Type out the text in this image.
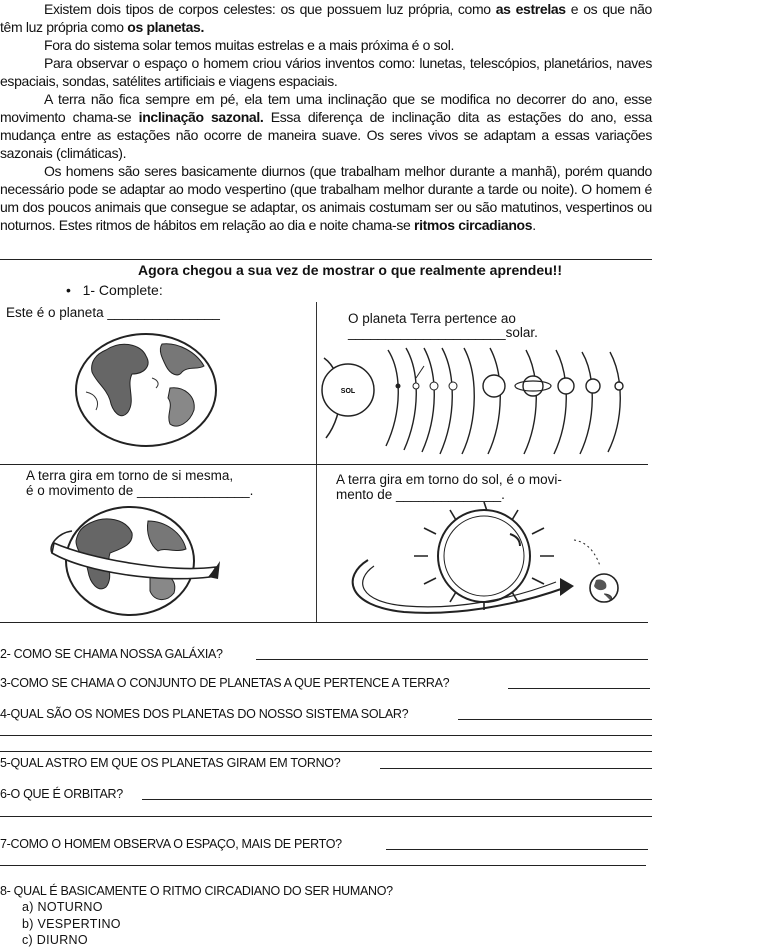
Existem dois tipos de corpos celestes: os que possuem luz própria, como as estrelas e os que não têm luz própria como os planetas.
Fora do sistema solar temos muitas estrelas e a mais próxima é o sol.
Para observar o espaço o homem criou vários inventos como: lunetas, telescópios, planetários, naves espaciais, sondas, satélites artificiais e viagens espaciais.
A terra não fica sempre em pé, ela tem uma inclinação que se modifica no decorrer do ano, esse movimento chama-se inclinação sazonal. Essa diferença de inclinação dita as estações do ano, essa mudança entre as estações não ocorre de maneira suave. Os seres vivos se adaptam a essas variações sazonais (climáticas).
Os homens são seres basicamente diurnos (que trabalham melhor durante a manhã), porém quando necessário pode se adaptar ao modo vespertino (que trabalham melhor durante a tarde ou noite). O homem é um dos poucos animais que consegue se adaptar, os animais costumam ser ou são matutinos, vespertinos ou noturnos. Estes ritmos de hábitos em relação ao dia e noite chama-se ritmos circadianos.
Agora chegou a sua vez de mostrar o que realmente aprendeu!!
•   1- Complete:
Este é o planeta _______________	O planeta Terra pertence ao
_____________________solar.
A terra gira em torno de si mesma,
é o movimento de _______________.
A terra gira em torno do sol, é o movi-
mento de ______________.
SOL
2- COMO SE CHAMA NOSSA GALÁXIA?
3-COMO SE CHAMA O CONJUNTO DE PLANETAS A QUE PERTENCE A TERRA?
4-QUAL SÃO OS NOMES DOS PLANETAS DO NOSSO SISTEMA SOLAR?
5-QUAL ASTRO EM QUE OS PLANETAS GIRAM EM TORNO?
6-O QUE É ORBITAR?
7-COMO O HOMEM OBSERVA O ESPAÇO, MAIS DE PERTO?
8- QUAL É BASICAMENTE O RITMO CIRCADIANO DO SER HUMANO?
a) NOTURNO
b) VESPERTINO
c) DIURNO
